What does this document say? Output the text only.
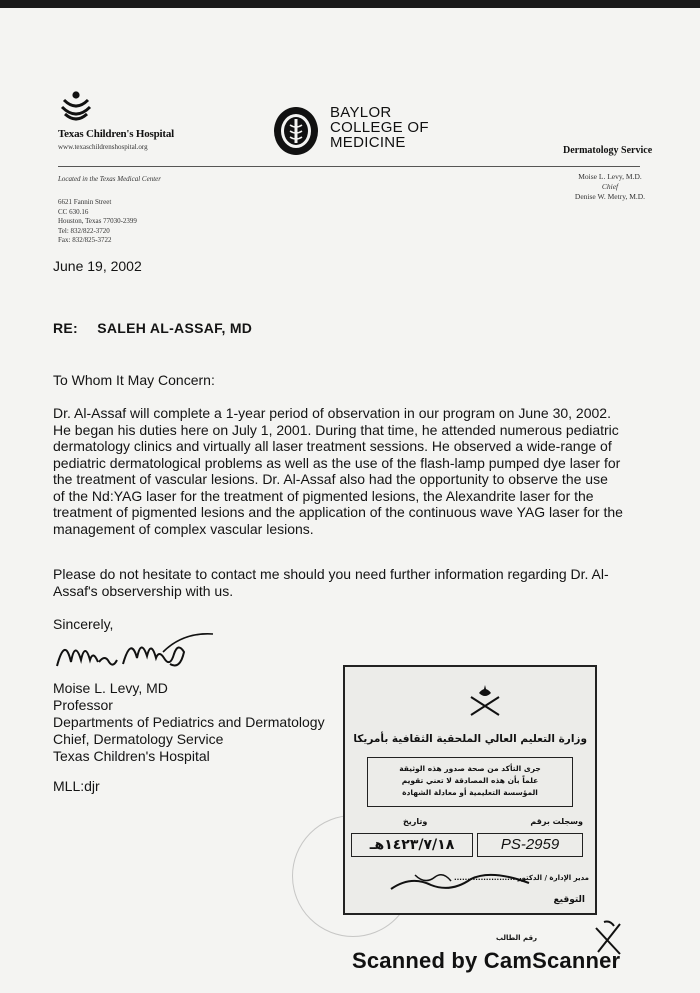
Texas Children's Hospital
www.texaschildrenshospital.org
BAYLOR
COLLEGE OF
MEDICINE	Dermatology Service
Located in the Texas Medical Center
6621 Fannin Street
CC 630.16
Houston, Texas 77030-2399
Tel: 832/822-3720
Fax: 832/825-3722
Moise L. Levy, M.D.
Chief
Denise W. Metry, M.D.
June 19, 2002
RE: SALEH AL-ASSAF, MD
To Whom It May Concern:
Dr. Al-Assaf will complete a 1-year period of observation in our program on June 30, 2002. He began his duties here on July 1, 2001. During that time, he attended numerous pediatric dermatology clinics and virtually all laser treatment sessions. He observed a wide-range of pediatric dermatological problems as well as the use of the flash-lamp pumped dye laser for the treatment of vascular lesions. Dr. Al-Assaf also had the opportunity to observe the use of the Nd:YAG laser for the treatment of pigmented lesions, the Alexandrite laser for the treatment of pigmented lesions and the application of the continuous wave YAG laser for the management of complex vascular lesions.
Please do not hesitate to contact me should you need further information regarding Dr. Al-Assaf's observership with us.
Sincerely,
Moise L. Levy, MD
Professor
Departments of Pediatrics and Dermatology
Chief, Dermatology Service
Texas Children's Hospital
MLL:djr
وزارة التعليم العالي الملحقية الثقافية بأمريكا
جرى التأكد من صحة صدور هذه الوثيقة
علماً بأن هذه المصادقة لا تعني تقويم
المؤسسة التعليمية أو معادلة الشهادة
وسجلت برقم
وتاريخ
١٤٢٣/٧/١٨هـ	PS-2959
مدير الإدارة / الدكتور .......................
التوقيع
رقم الطالب
Scanned by CamScanner
